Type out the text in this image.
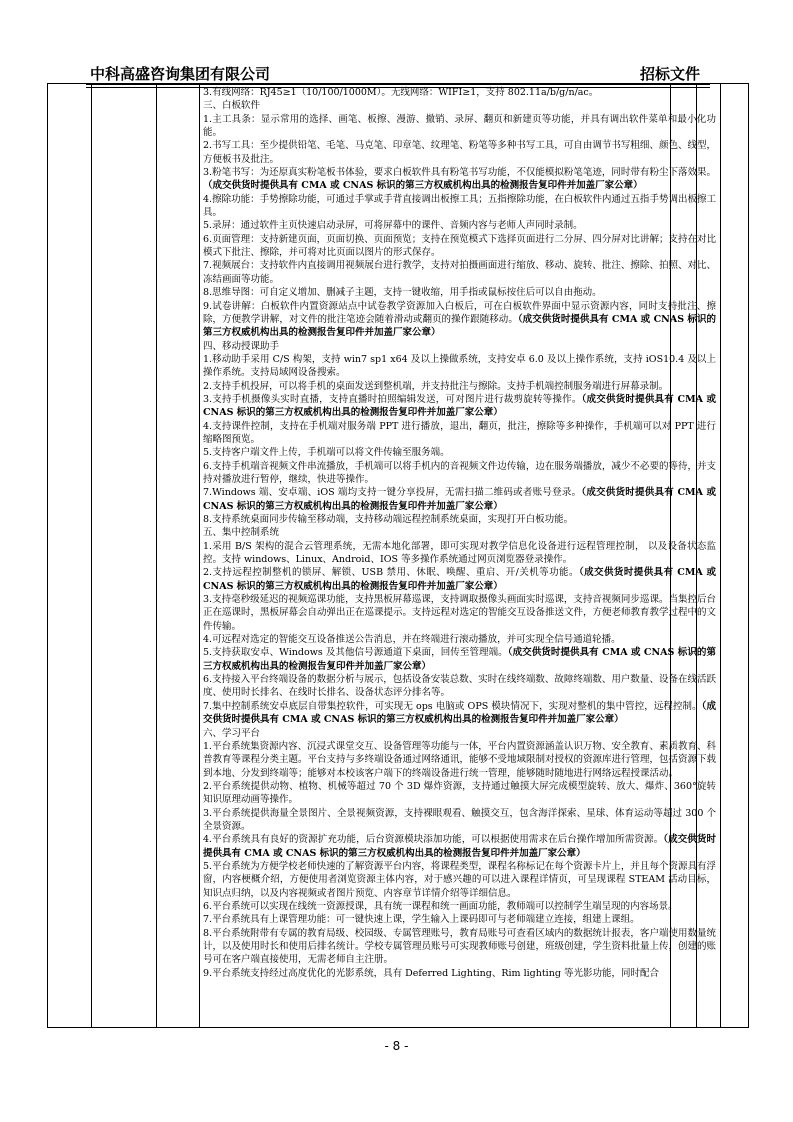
中科高盛咨询集团有限公司	招标文件

3.有线网络：RJ45≥1（10/100/1000M）。无线网络：WIFI≥1，支持 802.11a/b/g/n/ac。

三、白板软件

1.主工具条：显示常用的选择、画笔、板擦、漫游、撤销、录屏、翻页和新建页等功能，并具有调出软件菜单和最小化功能。

2.书写工具：至少提供铅笔、毛笔、马克笔、印章笔、纹理笔、粉笔等多种书写工具，可自由调节书写粗细、颜色、线型，方便板书及批注。

3.粉笔书写：为还原真实粉笔板书体验，要求白板软件具有粉笔书写功能，不仅能模拟粉笔笔迹，同时带有粉尘下落效果。（成交供货时提供具有 CMA 或 CNAS 标识的第三方权威机构出具的检测报告复印件并加盖厂家公章）

4.擦除功能：手势擦除功能，可通过手掌或手背直接调出板擦工具；五指擦除功能，在白板软件内通过五指手势调出板擦工具。

5.录屏：通过软件主页快速启动录屏，可将屏幕中的课件、音频内容与老师人声同时录制。

6.页面管理：支持新建页面，页面切换、页面预览；支持在预览模式下选择页面进行二分屏、四分屏对比讲解；支持在对比模式下批注、擦除，并可将对比页面以图片的形式保存。

7.视频展台：支持软件内直接调用视频展台进行教学，支持对拍摄画面进行缩放、移动、旋转、批注、擦除、拍照、对比、冻结画面等功能。

8.思维导图：可自定义增加、删减子主题，支持一键收缩，用手指或鼠标按住后可以自由拖动。

9.试卷讲解：白板软件内置资源站点中试卷教学资源加入白板后，可在白板软件界面中显示资源内容，同时支持批注、擦除，方便教学讲解，对文件的批注笔迹会随着滑动或翻页的操作跟随移动。（成交供货时提供具有 CMA 或 CNAS 标识的第三方权威机构出具的检测报告复印件并加盖厂家公章）

四、移动授课助手

1.移动助手采用 C/S 构架，支持 win7 sp1 x64 及以上操做系统，支持安卓 6.0 及以上操作系统，支持 iOS10.4 及以上操作系统。支持局域网设备搜索。

2.支持手机投屏，可以将手机的桌面发送到整机端，并支持批注与擦除。支持手机端控制服务端进行屏幕录制。

3.支持手机摄像头实时直播，支持直播时拍照编辑发送，可对图片进行裁剪旋转等操作。（成交供货时提供具有 CMA 或 CNAS 标识的第三方权威机构出具的检测报告复印件并加盖厂家公章）

4.支持课件控制，支持在手机端对服务端 PPT 进行播放，退出，翻页，批注，擦除等多种操作，手机端可以对 PPT 进行缩略图预览。

5.支持客户端文件上传，手机端可以将文件传输至服务端。

6.支持手机端音视频文件串流播放，手机端可以将手机内的音视频文件边传输，边在服务端播放，减少不必要的等待，并支持对播放进行暂停，继续，快进等操作。

7.Windows 端、安卓端、iOS 端均支持一键分享投屏，无需扫描二维码或者账号登录。（成交供货时提供具有 CMA 或 CNAS 标识的第三方权威机构出具的检测报告复印件并加盖厂家公章）

8.支持系统桌面同步传输至移动端，支持移动端远程控制系统桌面，实现打开白板功能。

五、集中控制系统

1.采用 B/S 架构的混合云管理系统，无需本地化部署，即可实现对教学信息化设备进行远程管理控制， 以及设备状态监控。支持 windows、Linux、Android、IOS 等多操作系统通过网页浏览器登录操作。

2.支持远程控制整机的锁屏、解锁、USB 禁用、休眠、唤醒、重启、开/关机等功能。（成交供货时提供具有 CMA 或 CNAS 标识的第三方权威机构出具的检测报告复印件并加盖厂家公章）

3.支持毫秒级延迟的视频巡课功能，支持黑板屏幕巡课，支持调取摄像头画面实时巡课，支持音视频同步巡课。当集控后台正在巡课时，黑板屏幕会自动弹出正在巡课提示。支持远程对选定的智能交互设备推送文件，方便老师教育教学过程中的文件传输。

4.可远程对选定的智能交互设备推送公告消息，并在终端进行滚动播放，并可实现全信号通道轮播。

5.支持获取安卓、Windows 及其他信号源通道下桌面，回传至管理端。（成交供货时提供具有 CMA 或 CNAS 标识的第三方权威机构出具的检测报告复印件并加盖厂家公章）

6.支持接入平台终端设备的数据分析与展示，包括设备安装总数、实时在线终端数、故障终端数、用户数量、设备在线活跃度、使用时长排名、在线时长排名、设备状态评分排名等。

7.集中控制系统安卓底层自带集控软件，可实现无 ops 电脑或 OPS 模块情况下，实现对整机的集中管控，远程控制。（成交供货时提供具有 CMA 或 CNAS 标识的第三方权威机构出具的检测报告复印件并加盖厂家公章）

六、学习平台

1.平台系统集资源内容、沉浸式课堂交互、设备管理等功能与一体，平台内置资源涵盖认识万物、安全教育、素质教育、科普教育等课程分类主题。平台支持与多终端设备通过网络通讯，能够不受地域限制对授权的资源库进行管理，包括资源下载到本地、分发到终端等；能够对本校该客户端下的终端设备进行统一管理，能够随时随地进行网络远程授课活动。

2.平台系统提供动物、植物、机械等超过 70 个 3D 爆炸资源，支持通过触摸大屏完成模型旋转、放大、爆炸、360°旋转知识原理动画等操作。

3.平台系统提供海量全景图片、全景视频资源，支持裸眼观看、触摸交互，包含海洋探索、星球、体育运动等超过 300 个全景资源。

4.平台系统具有良好的资源扩充功能，后台资源模块添加功能，可以根据使用需求在后台操作增加所需资源。（成交供货时提供具有 CMA 或 CNAS 标识的第三方权威机构出具的检测报告复印件并加盖厂家公章）

5.平台系统为方便学校老师快速的了解资源平台内容，将课程类型，课程名称标记在每个资源卡片上，并且每个资源具有浮窗，内容梗概介绍，方便使用者浏览资源主体内容，对于感兴趣的可以进入课程详情页，可呈现课程 STEAM 活动目标，知识点归纳，以及内容视频或者图片预览、内容章节详情介绍等详细信息。

6.平台系统可以实现在线统一资源授课，具有统一课程和统一画面功能，教师端可以控制学生端呈现的内容场景。

7.平台系统具有上课管理功能：可一键快速上课，学生输入上课码即可与老师端建立连接，组建上课组。

8.平台系统附带有专属的教育局级、校园级、专属管理账号，教育局账号可查看区域内的数据统计报表，客户端使用数量统计，以及使用时长和使用后排名统计。学校专属管理员账号可实现教师账号创建，班级创建，学生资料批量上传，创建的账号可在客户端直接使用，无需老师自主注册。

9.平台系统支持经过高度优化的光影系统，具有 Deferred Lighting、Rim lighting 等光影功能，同时配合

- 8 -
